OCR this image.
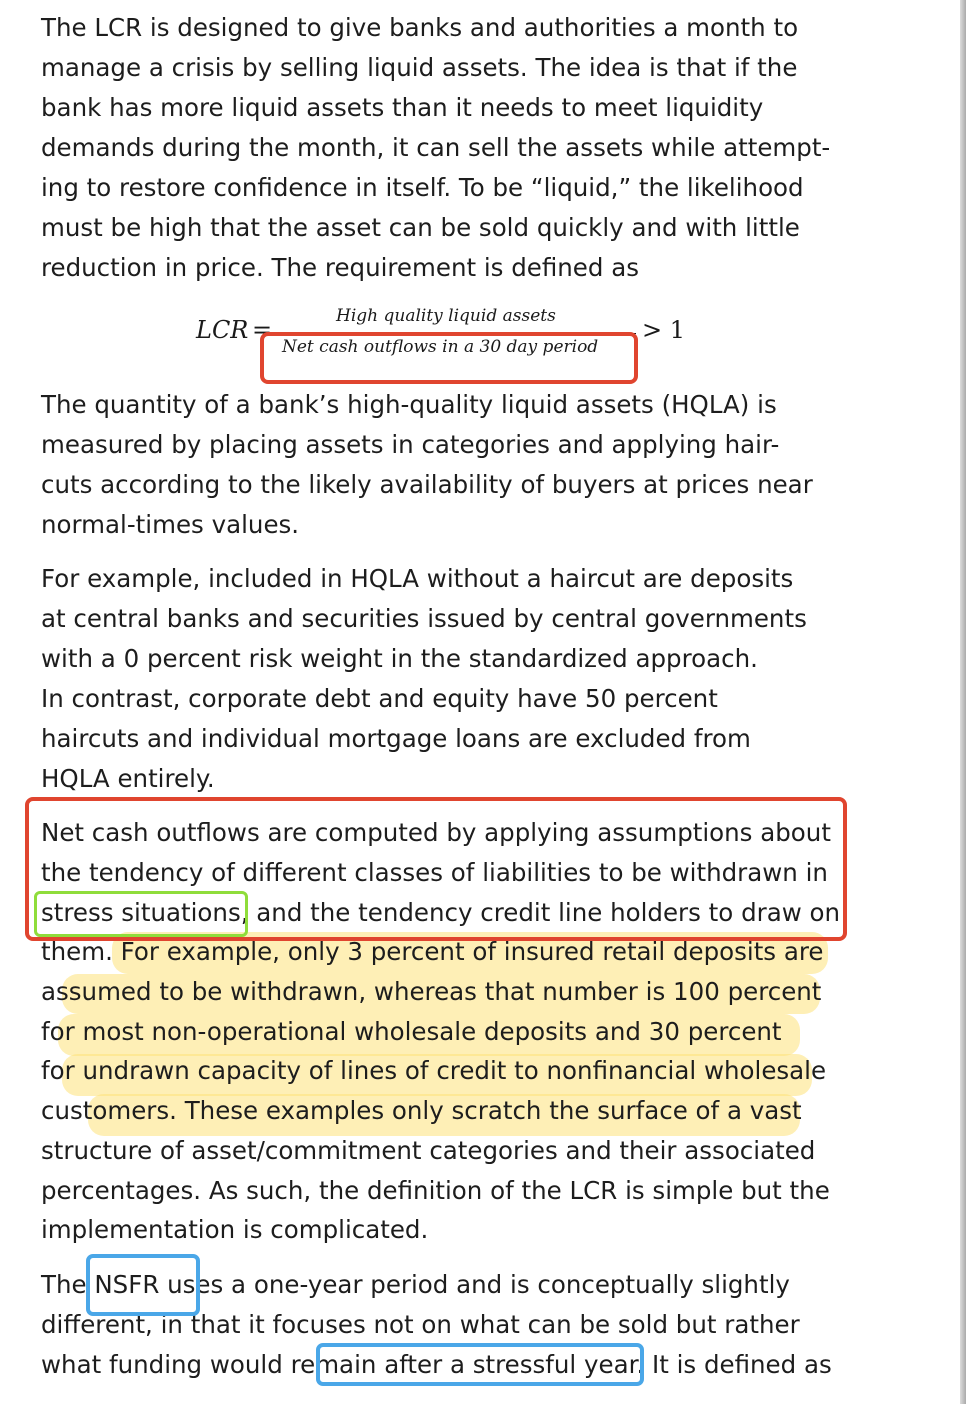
The LCR is designed to give banks and authorities a month to

manage a crisis by selling liquid assets. The idea is that if the

bank has more liquid assets than it needs to meet liquidity

demands during the month, it can sell the assets while attempt-

ing to restore confidence in itself. To be “liquid,” the likelihood

must be high that the asset can be sold quickly and with little

reduction in price. The requirement is defined as

LCR =	High quality liquid assets
Net cash outflows in a 30 day period
> 1

The quantity of a bank’s high-quality liquid assets (HQLA) is

measured by placing assets in categories and applying hair-

cuts according to the likely availability of buyers at prices near

normal-times values.

For example, included in HQLA without a haircut are deposits

at central banks and securities issued by central governments

with a 0 percent risk weight in the standardized approach.

In contrast, corporate debt and equity have 50 percent

haircuts and individual mortgage loans are excluded from

HQLA entirely.

Net cash outflows are computed by applying assumptions about

the tendency of different classes of liabilities to be withdrawn in

stress situations, and the tendency credit line holders to draw on

them. For example, only 3 percent of insured retail deposits are

assumed to be withdrawn, whereas that number is 100 percent

for most non-operational wholesale deposits and 30 percent

for undrawn capacity of lines of credit to nonfinancial wholesale

customers. These examples only scratch the surface of a vast

structure of asset/commitment categories and their associated

percentages. As such, the definition of the LCR is simple but the

implementation is complicated.

The NSFR uses a one-year period and is conceptually slightly

different, in that it focuses not on what can be sold but rather

what funding would remain after a stressful year. It is defined as
